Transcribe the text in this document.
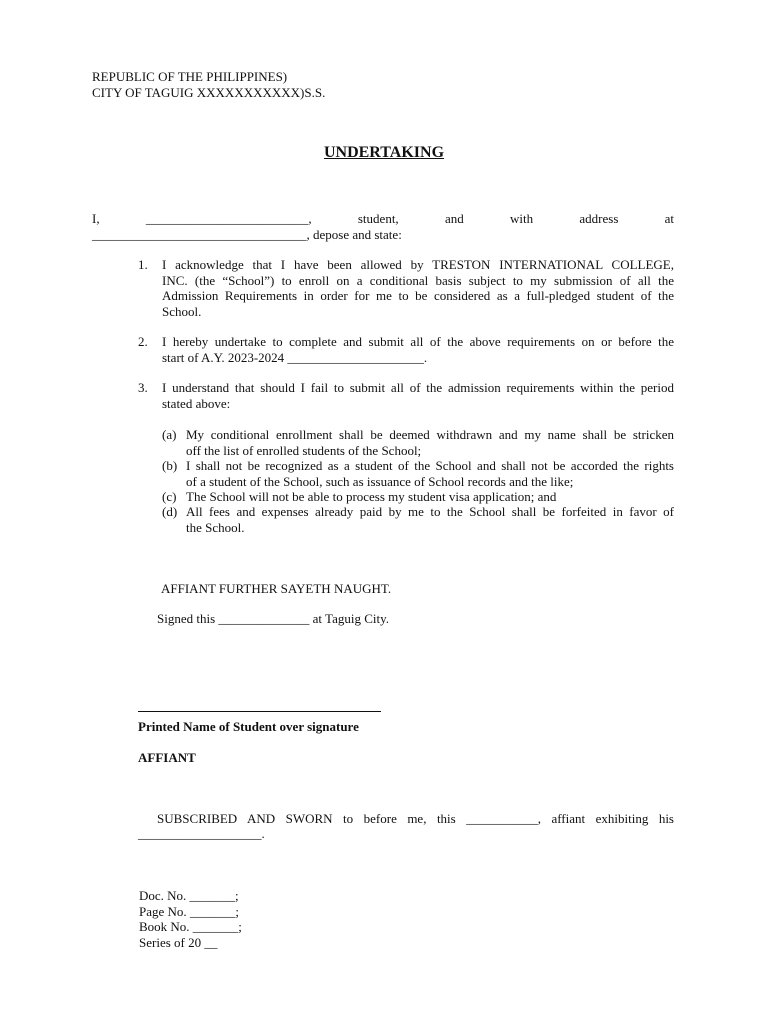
REPUBLIC OF THE PHILIPPINES)
CITY OF TAGUIG XXXXXXXXXXX)S.S.
UNDERTAKING
I,	_________________________,	student,	and	with	address	at
_________________________________, depose and state:
1. I acknowledge that I have been allowed by TRESTON INTERNATIONAL COLLEGE,
INC. (the “School”) to enroll on a conditional basis subject to my submission of all the
Admission Requirements in order for me to be considered as a full-pledged student of the
School.
2. I hereby undertake to complete and submit all of the above requirements on or before the
start of A.Y. 2023-2024 _____________________.
3. I understand that should I fail to submit all of the admission requirements within the period
stated above:
(a) My conditional enrollment shall be deemed withdrawn and my name shall be stricken
off the list of enrolled students of the School;
(b) I shall not be recognized as a student of the School and shall not be accorded the rights
of a student of the School, such as issuance of School records and the like;
(c) The School will not be able to process my student visa application; and
(d) All fees and expenses already paid by me to the School shall be forfeited in favor of
the School.
AFFIANT FURTHER SAYETH NAUGHT.
Signed this ______________ at Taguig City.
Printed Name of Student over signature
AFFIANT
SUBSCRIBED AND SWORN to before me, this ___________, affiant exhibiting his
___________________.
Doc. No. _______;
Page No. _______;
Book No. _______;
Series of 20 __
